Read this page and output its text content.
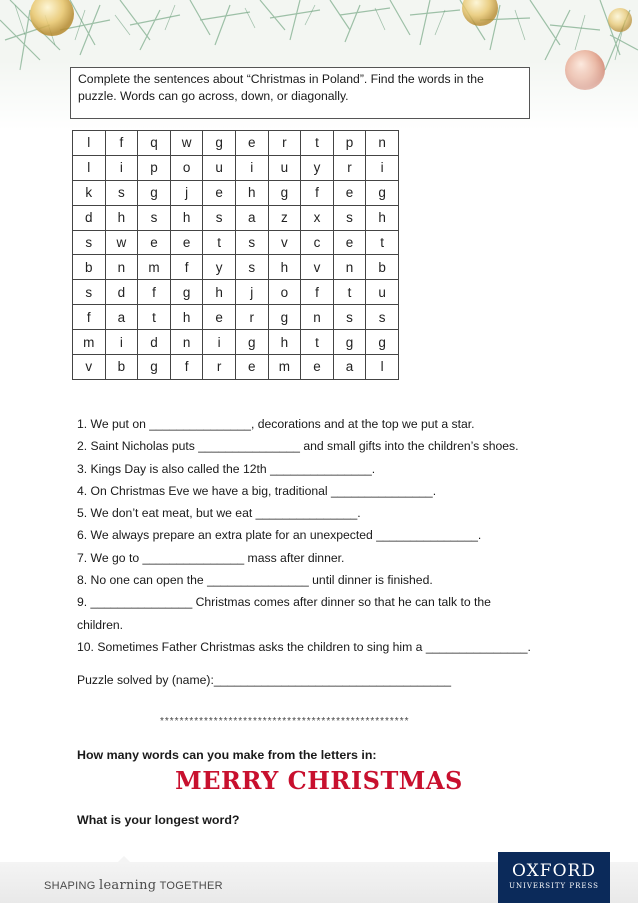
Complete the sentences about “Christmas in Poland”. Find the words in the puzzle. Words can go across, down, or diagonally.
l	f	q	w	g	e	r	t	p	n
l	i	p	o	u	i	u	y	r	i
k	s	g	j	e	h	g	f	e	g
d	h	s	h	s	a	z	x	s	h
s	w	e	e	t	s	v	c	e	t
b	n	m	f	y	s	h	v	n	b
s	d	f	g	h	j	o	f	t	u
f	a	t	h	e	r	g	n	s	s
m	i	d	n	i	g	h	t	g	g
v	b	g	f	r	e	m	e	a	l
1. We put on _______________, decorations and at the top we put a star.
2. Saint Nicholas puts _______________ and small gifts into the children’s shoes.
3. Kings Day is also called the 12th _______________.
4. On Christmas Eve we have a big, traditional _______________.
5. We don’t eat meat, but we eat _______________.
6. We always prepare an extra plate for an unexpected _______________.
7. We go to _______________ mass after dinner.
8. No one can open the _______________ until dinner is finished.
9. _______________ Christmas comes after dinner so that he can talk to the
children.
10. Sometimes Father Christmas asks the children to sing him a _______________.
Puzzle solved by (name):___________________________________
***************************************************
How many words can you make from the letters in:
MERRY CHRISTMAS
What is your longest word?
SHAPING learning TOGETHER
OXFORD
UNIVERSITY PRESS
